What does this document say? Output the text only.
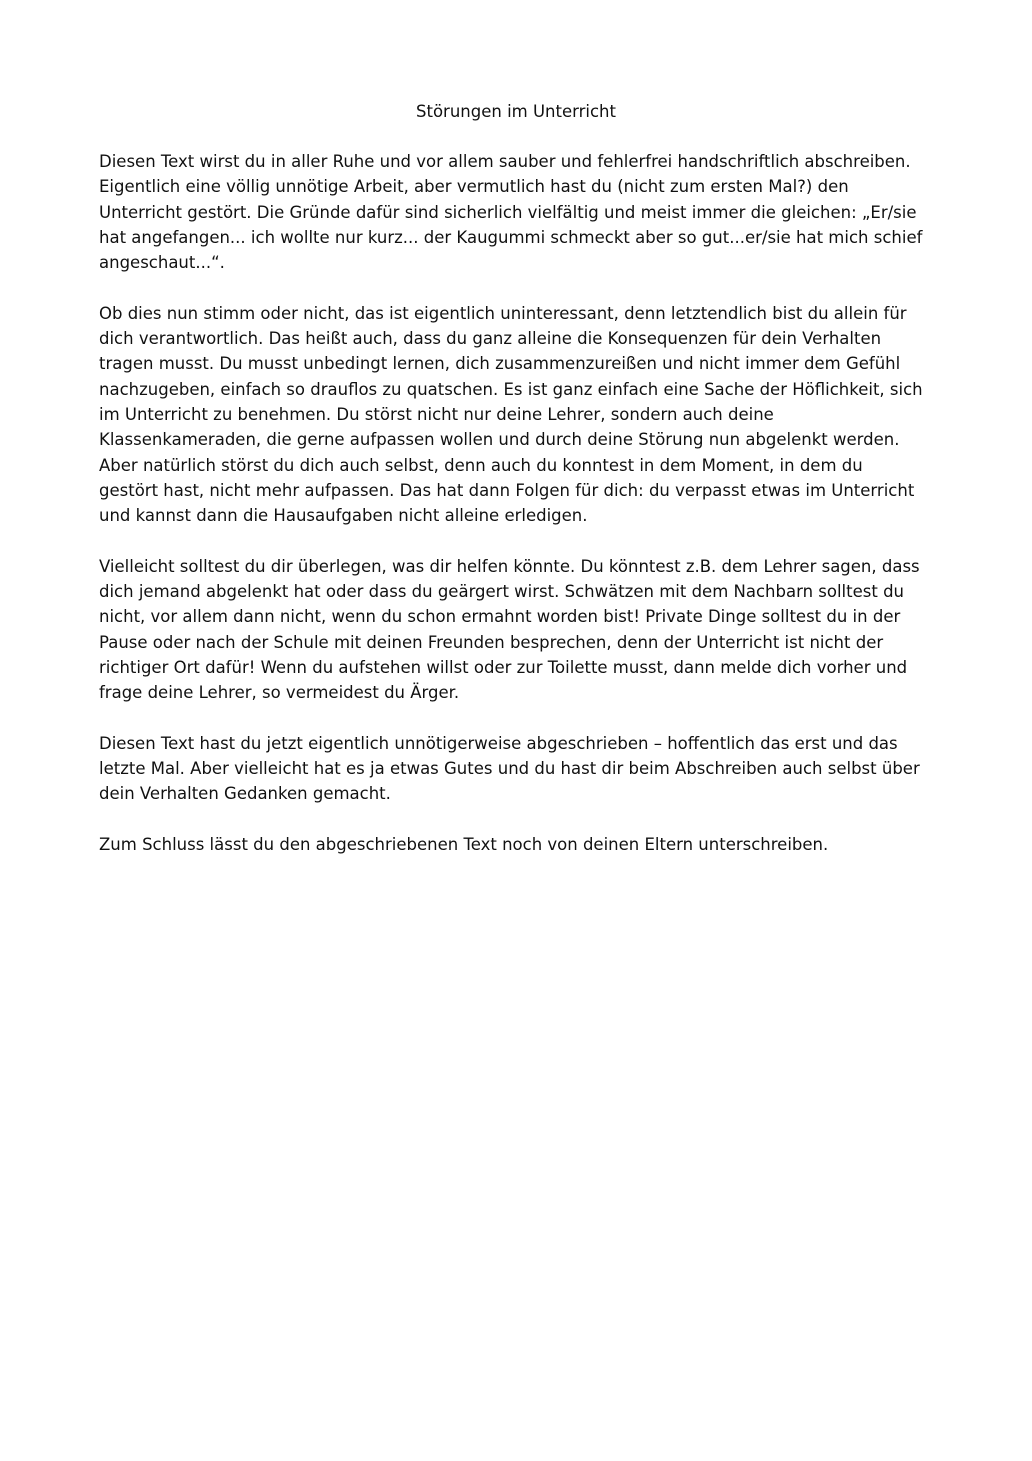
Störungen im Unterricht

Diesen Text wirst du in aller Ruhe und vor allem sauber und fehlerfrei handschriftlich abschreiben.
Eigentlich eine völlig unnötige Arbeit, aber vermutlich hast du (nicht zum ersten Mal?) den
Unterricht gestört. Die Gründe dafür sind sicherlich vielfältig und meist immer die gleichen: „Er/sie
hat angefangen... ich wollte nur kurz... der Kaugummi schmeckt aber so gut...er/sie hat mich schief
angeschaut...“.

Ob dies nun stimm oder nicht, das ist eigentlich uninteressant, denn letztendlich bist du allein für
dich verantwortlich. Das heißt auch, dass du ganz alleine die Konsequenzen für dein Verhalten
tragen musst. Du musst unbedingt lernen, dich zusammenzureißen und nicht immer dem Gefühl
nachzugeben, einfach so drauflos zu quatschen. Es ist ganz einfach eine Sache der Höflichkeit, sich
im Unterricht zu benehmen. Du störst nicht nur deine Lehrer, sondern auch deine
Klassenkameraden, die gerne aufpassen wollen und durch deine Störung nun abgelenkt werden.
Aber natürlich störst du dich auch selbst, denn auch du konntest in dem Moment, in dem du
gestört hast, nicht mehr aufpassen. Das hat dann Folgen für dich: du verpasst etwas im Unterricht
und kannst dann die Hausaufgaben nicht alleine erledigen.

Vielleicht solltest du dir überlegen, was dir helfen könnte. Du könntest z.B. dem Lehrer sagen, dass
dich jemand abgelenkt hat oder dass du geärgert wirst. Schwätzen mit dem Nachbarn solltest du
nicht, vor allem dann nicht, wenn du schon ermahnt worden bist! Private Dinge solltest du in der
Pause oder nach der Schule mit deinen Freunden besprechen, denn der Unterricht ist nicht der
richtiger Ort dafür! Wenn du aufstehen willst oder zur Toilette musst, dann melde dich vorher und
frage deine Lehrer, so vermeidest du Ärger.

Diesen Text hast du jetzt eigentlich unnötigerweise abgeschrieben – hoffentlich das erst und das
letzte Mal. Aber vielleicht hat es ja etwas Gutes und du hast dir beim Abschreiben auch selbst über
dein Verhalten Gedanken gemacht.

Zum Schluss lässt du den abgeschriebenen Text noch von deinen Eltern unterschreiben.
